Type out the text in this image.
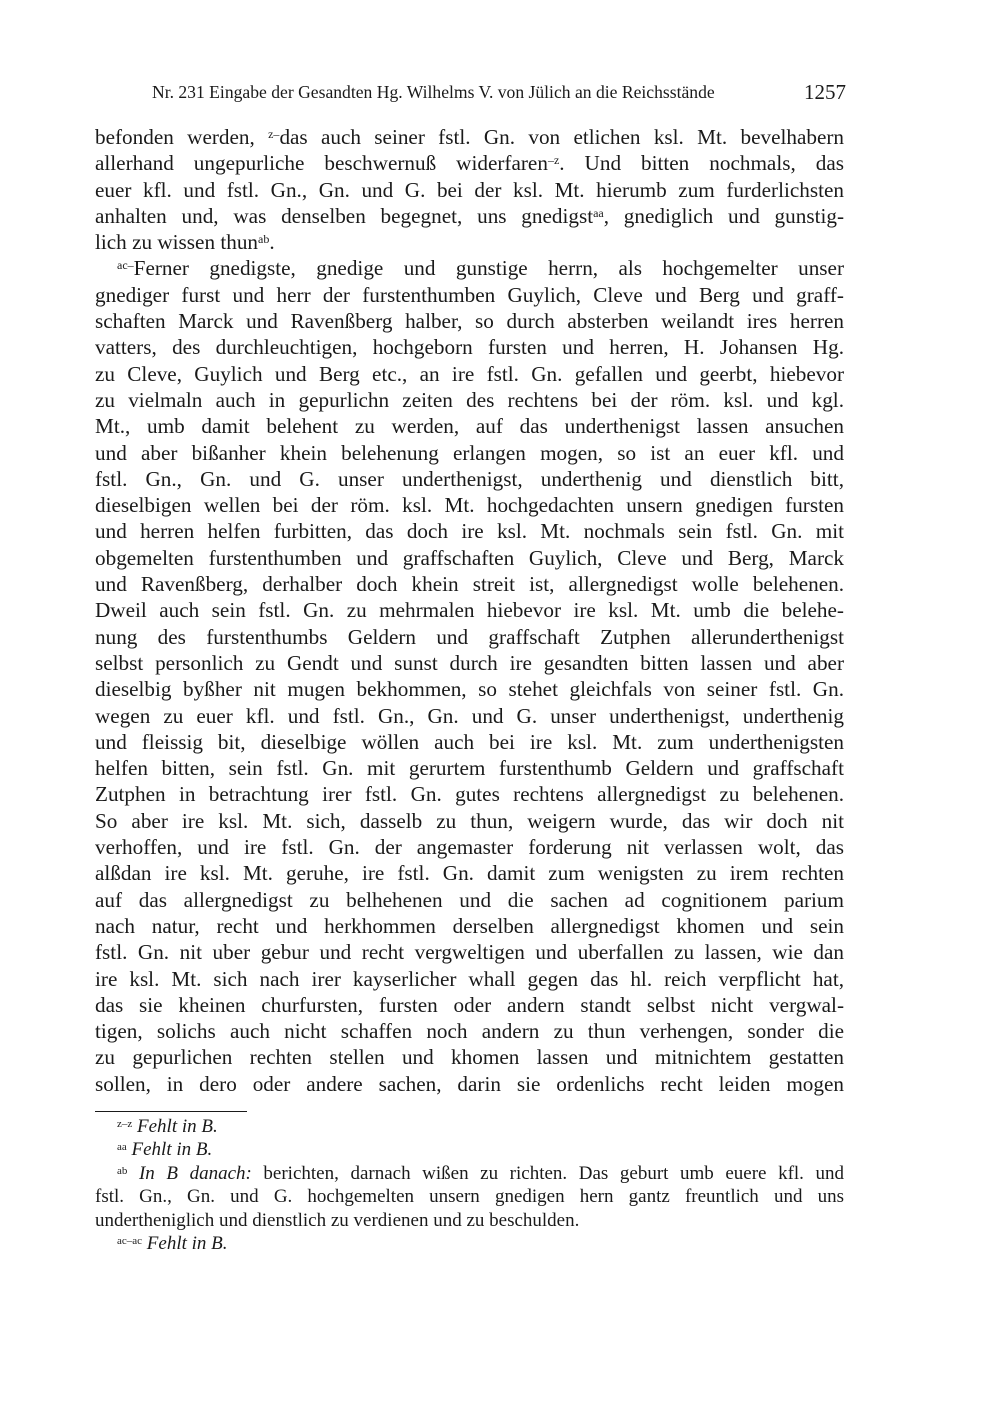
Nr. 231 Eingabe der Gesandten Hg. Wilhelms V. von Jülich an die Reichsstände	1257
befonden werden, $^{z-}$das auch seiner fstl. Gn. von etlichen ksl. Mt. bevelhabern
allerhand ungepurliche beschwernuß widerfaren$^{-z}$. Und bitten nochmals, das
euer kfl. und fstl. Gn., Gn. und G. bei der ksl. Mt. hierumb zum furderlichsten
anhalten und, was denselben begegnet, uns gnedigst$^{aa}$, gnediglich und gunstig-
lich zu wissen thun$^{ab}$.
$^{ac-}$Ferner gnedigste, gnedige und gunstige herrn, als hochgemelter unser
gnediger furst und herr der furstenthumben Guylich, Cleve und Berg und graff-
schaften Marck und Ravenßberg halber, so durch absterben weilandt ires herren
vatters, des durchleuchtigen, hochgeborn fursten und herren, H. Johansen Hg.
zu Cleve, Guylich und Berg etc., an ire fstl. Gn. gefallen und geerbt, hiebevor
zu vielmaln auch in gepurlichn zeiten des rechtens bei der röm. ksl. und kgl.
Mt., umb damit belehent zu werden, auf das underthenigst lassen ansuchen
und aber bißanher khein belehenung erlangen mogen, so ist an euer kfl. und
fstl. Gn., Gn. und G. unser underthenigst, underthenig und dienstlich bitt,
dieselbigen wellen bei der röm. ksl. Mt. hochgedachten unsern gnedigen fursten
und herren helfen furbitten, das doch ire ksl. Mt. nochmals sein fstl. Gn. mit
obgemelten furstenthumben und graffschaften Guylich, Cleve und Berg, Marck
und Ravenßberg, derhalber doch khein streit ist, allergnedigst wolle belehenen.
Dweil auch sein fstl. Gn. zu mehrmalen hiebevor ire ksl. Mt. umb die belehe-
nung des furstenthumbs Geldern und graffschaft Zutphen allerunderthenigst
selbst personlich zu Gendt und sunst durch ire gesandten bitten lassen und aber
dieselbig byßher nit mugen bekhommen, so stehet gleichfals von seiner fstl. Gn.
wegen zu euer kfl. und fstl. Gn., Gn. und G. unser underthenigst, underthenig
und fleissig bit, dieselbige wöllen auch bei ire ksl. Mt. zum underthenigsten
helfen bitten, sein fstl. Gn. mit gerurtem furstenthumb Geldern und graffschaft
Zutphen in betrachtung irer fstl. Gn. gutes rechtens allergnedigst zu belehenen.
So aber ire ksl. Mt. sich, dasselb zu thun, weigern wurde, das wir doch nit
verhoffen, und ire fstl. Gn. der angemaster forderung nit verlassen wolt, das
alßdan ire ksl. Mt. geruhe, ire fstl. Gn. damit zum wenigsten zu irem rechten
auf das allergnedigst zu belhehenen und die sachen ad cognitionem parium
nach natur, recht und herkhommen derselben allergnedigst khomen und sein
fstl. Gn. nit uber gebur und recht vergweltigen und uberfallen zu lassen, wie dan
ire ksl. Mt. sich nach irer kayserlicher whall gegen das hl. reich verpflicht hat,
das sie kheinen churfursten, fursten oder andern standt selbst nicht vergwal-
tigen, solichs auch nicht schaffen noch andern zu thun verhengen, sonder die
zu gepurlichen rechten stellen und khomen lassen und mitnichtem gestatten
sollen, in dero oder andere sachen, darin sie ordenlichs recht leiden mogen
$^{z-z}$ Fehlt in B.
$^{aa}$ Fehlt in B.
$^{ab}$ In B danach: berichten, darnach wißen zu richten. Das geburt umb euere kfl. und
fstl. Gn., Gn. und G. hochgemelten unsern gnedigen hern gantz freuntlich und uns
undertheniglich und dienstlich zu verdienen und zu beschulden.
$^{ac-ac}$ Fehlt in B.
